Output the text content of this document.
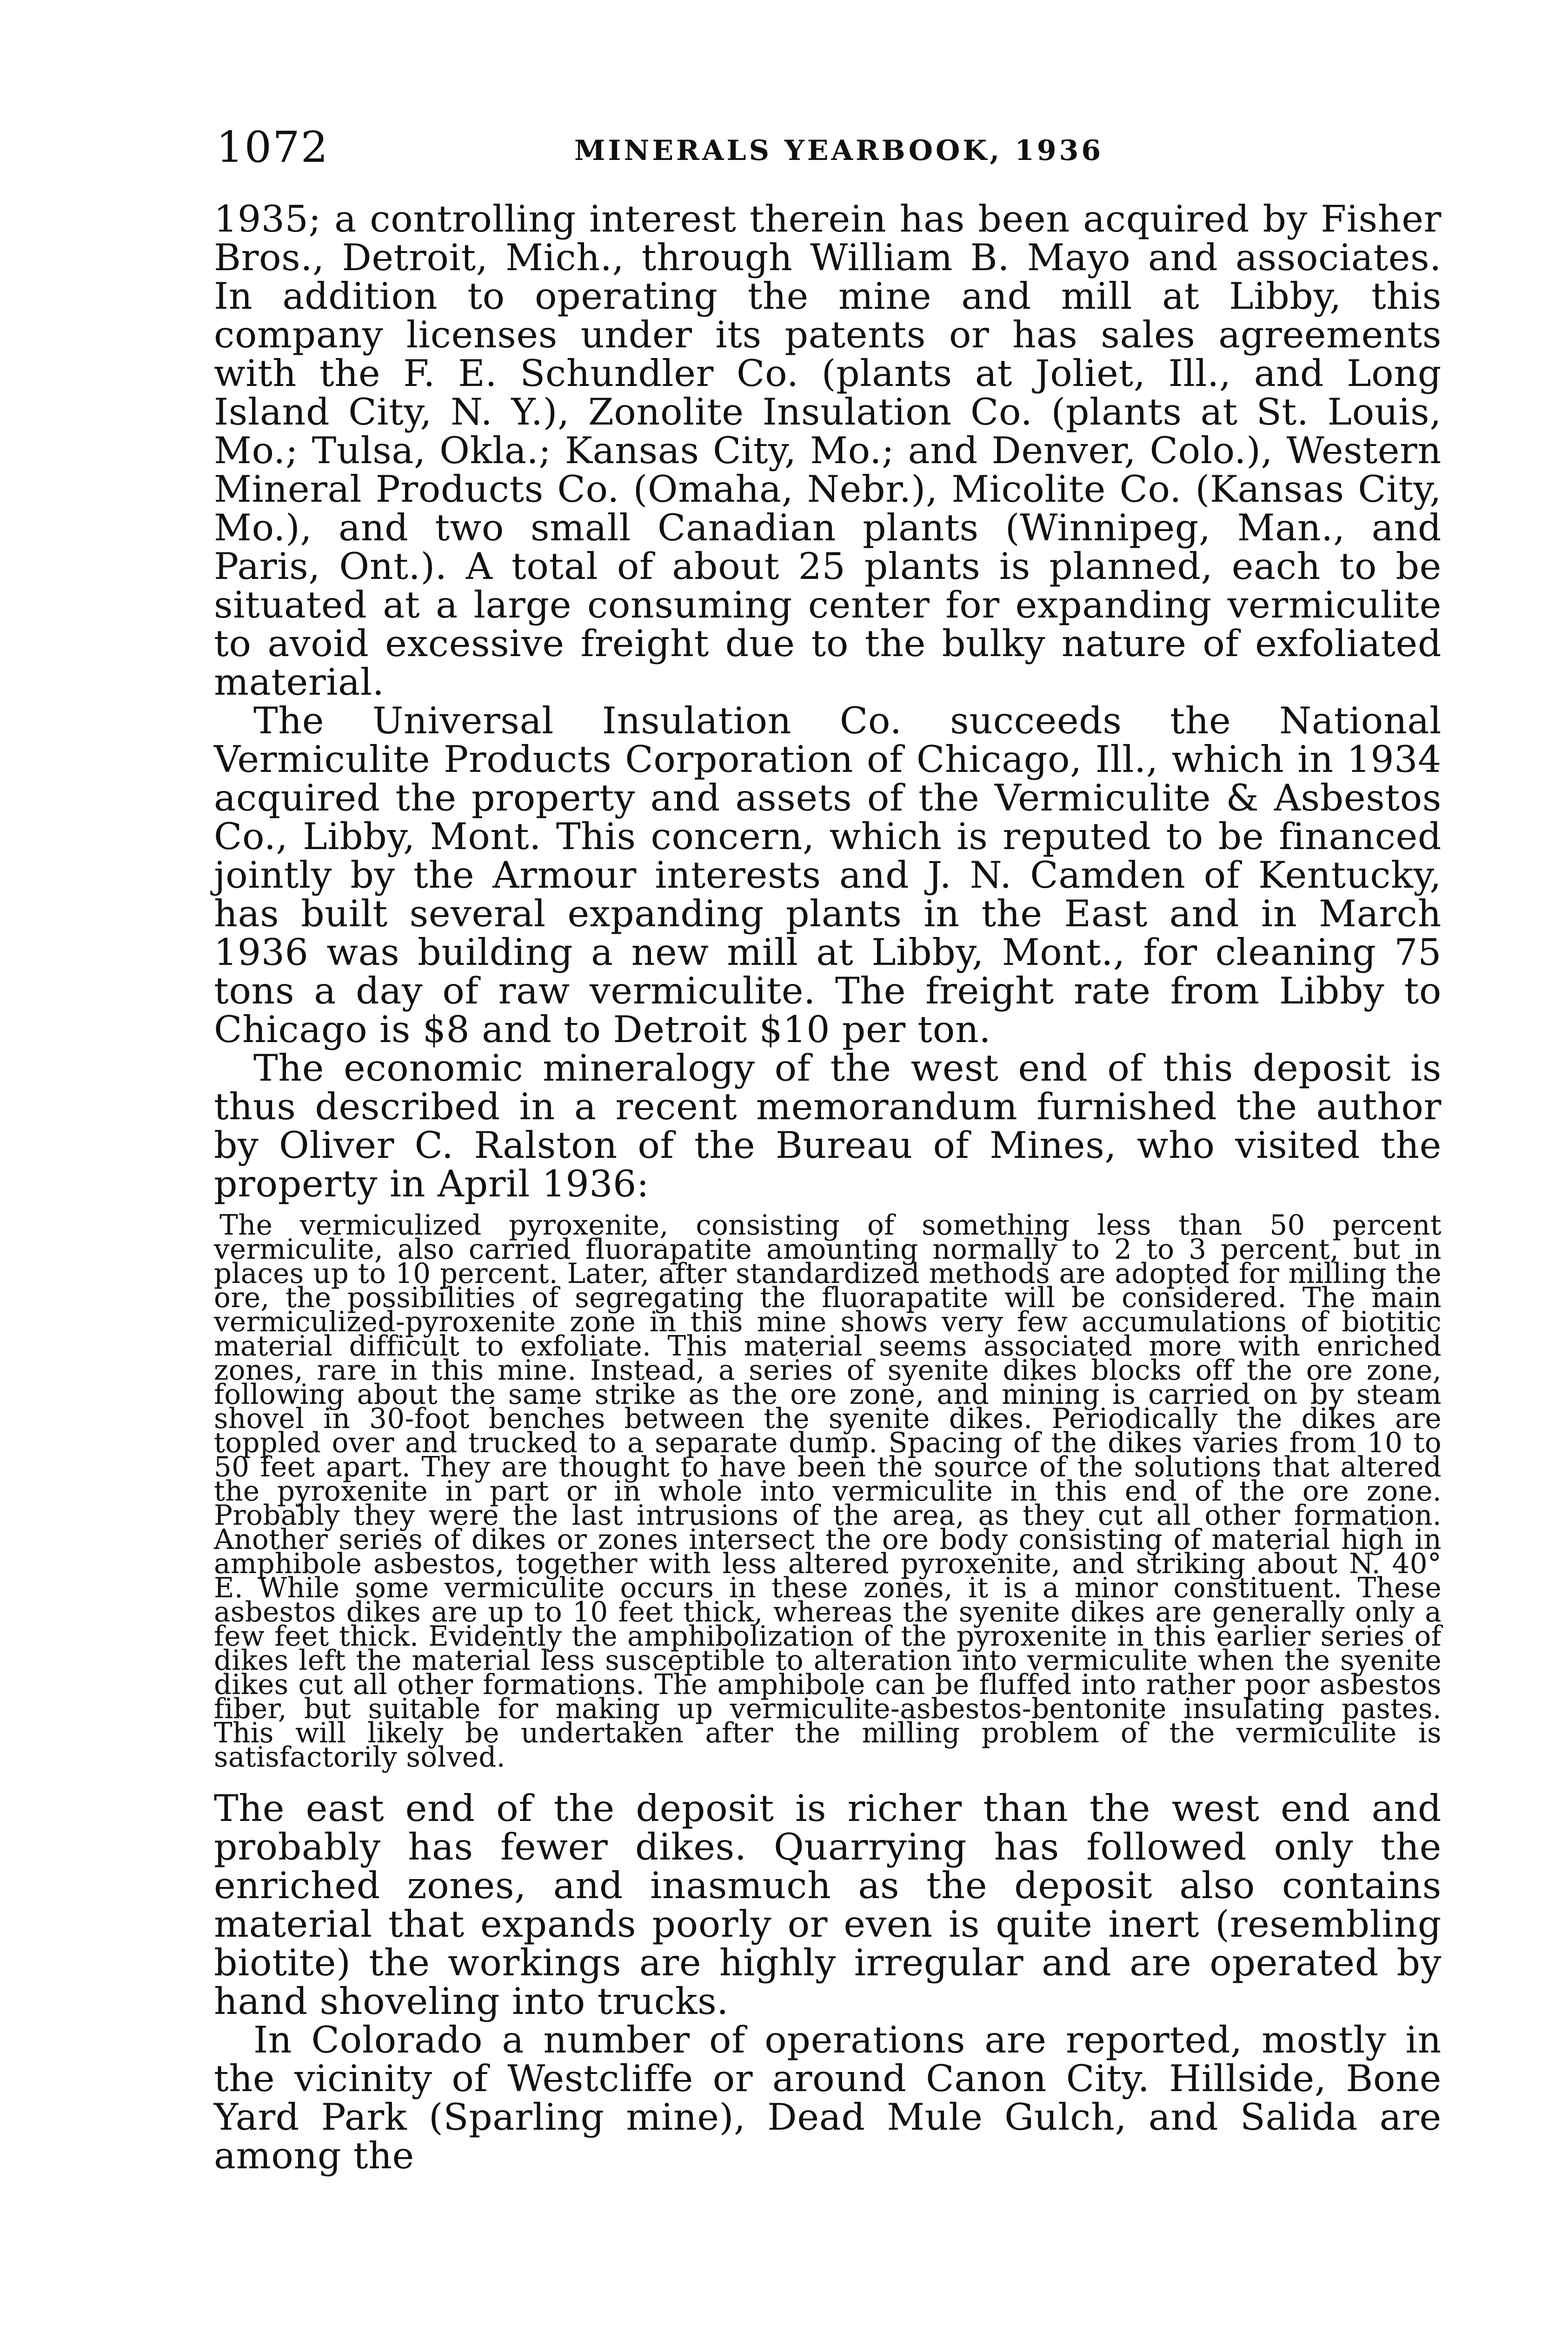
1072	MINERALS YEARBOOK, 1936

1935; a controlling interest therein has been acquired by Fisher Bros., Detroit, Mich., through William B. Mayo and associates. In addition to operating the mine and mill at Libby, this company licenses under its patents or has sales agreements with the F. E. Schundler Co. (plants at Joliet, Ill., and Long Island City, N. Y.), Zonolite Insulation Co. (plants at St. Louis, Mo.; Tulsa, Okla.; Kansas City, Mo.; and Denver, Colo.), Western Mineral Products Co. (Omaha, Nebr.), Micolite Co. (Kansas City, Mo.), and two small Canadian plants (Winnipeg, Man., and Paris, Ont.). A total of about 25 plants is planned, each to be situated at a large consuming center for expanding vermiculite to avoid excessive freight due to the bulky nature of exfoliated material.

The Universal Insulation Co. succeeds the National Vermiculite Products Corporation of Chicago, Ill., which in 1934 acquired the property and assets of the Vermiculite & Asbestos Co., Libby, Mont. This concern, which is reputed to be financed jointly by the Armour interests and J. N. Camden of Kentucky, has built several expanding plants in the East and in March 1936 was building a new mill at Libby, Mont., for cleaning 75 tons a day of raw vermiculite. The freight rate from Libby to Chicago is $8 and to Detroit $10 per ton.

The economic mineralogy of the west end of this deposit is thus described in a recent memorandum furnished the author by Oliver C. Ralston of the Bureau of Mines, who visited the property in April 1936:

The vermiculized pyroxenite, consisting of something less than 50 percent vermiculite, also carried fluorapatite amounting normally to 2 to 3 percent, but in places up to 10 percent. Later, after standardized methods are adopted for milling the ore, the possibilities of segregating the fluorapatite will be considered. The main vermiculized-pyroxenite zone in this mine shows very few accumulations of biotitic material difficult to exfoliate. This material seems associated more with enriched zones, rare in this mine. Instead, a series of syenite dikes blocks off the ore zone, following about the same strike as the ore zone, and mining is carried on by steam shovel in 30-foot benches between the syenite dikes. Periodically the dikes are toppled over and trucked to a separate dump. Spacing of the dikes varies from 10 to 50 feet apart. They are thought to have been the source of the solutions that altered the pyroxenite in part or in whole into vermiculite in this end of the ore zone. Probably they were the last intrusions of the area, as they cut all other formation. Another series of dikes or zones intersect the ore body consisting of material high in amphibole asbestos, together with less altered pyroxenite, and striking about N. 40° E. While some vermiculite occurs in these zones, it is a minor constituent. These asbestos dikes are up to 10 feet thick, whereas the syenite dikes are generally only a few feet thick. Evidently the amphibolization of the pyroxenite in this earlier series of dikes left the material less susceptible to alteration into vermiculite when the syenite dikes cut all other formations. The amphibole can be fluffed into rather poor asbestos fiber, but suitable for making up vermiculite-asbestos-bentonite insulating pastes. This will likely be undertaken after the milling problem of the vermiculite is satisfactorily solved.

The east end of the deposit is richer than the west end and probably has fewer dikes. Quarrying has followed only the enriched zones, and inasmuch as the deposit also contains material that expands poorly or even is quite inert (resembling biotite) the workings are highly irregular and are operated by hand shoveling into trucks.

In Colorado a number of operations are reported, mostly in the vicinity of Westcliffe or around Canon City. Hillside, Bone Yard Park (Sparling mine), Dead Mule Gulch, and Salida are among the
